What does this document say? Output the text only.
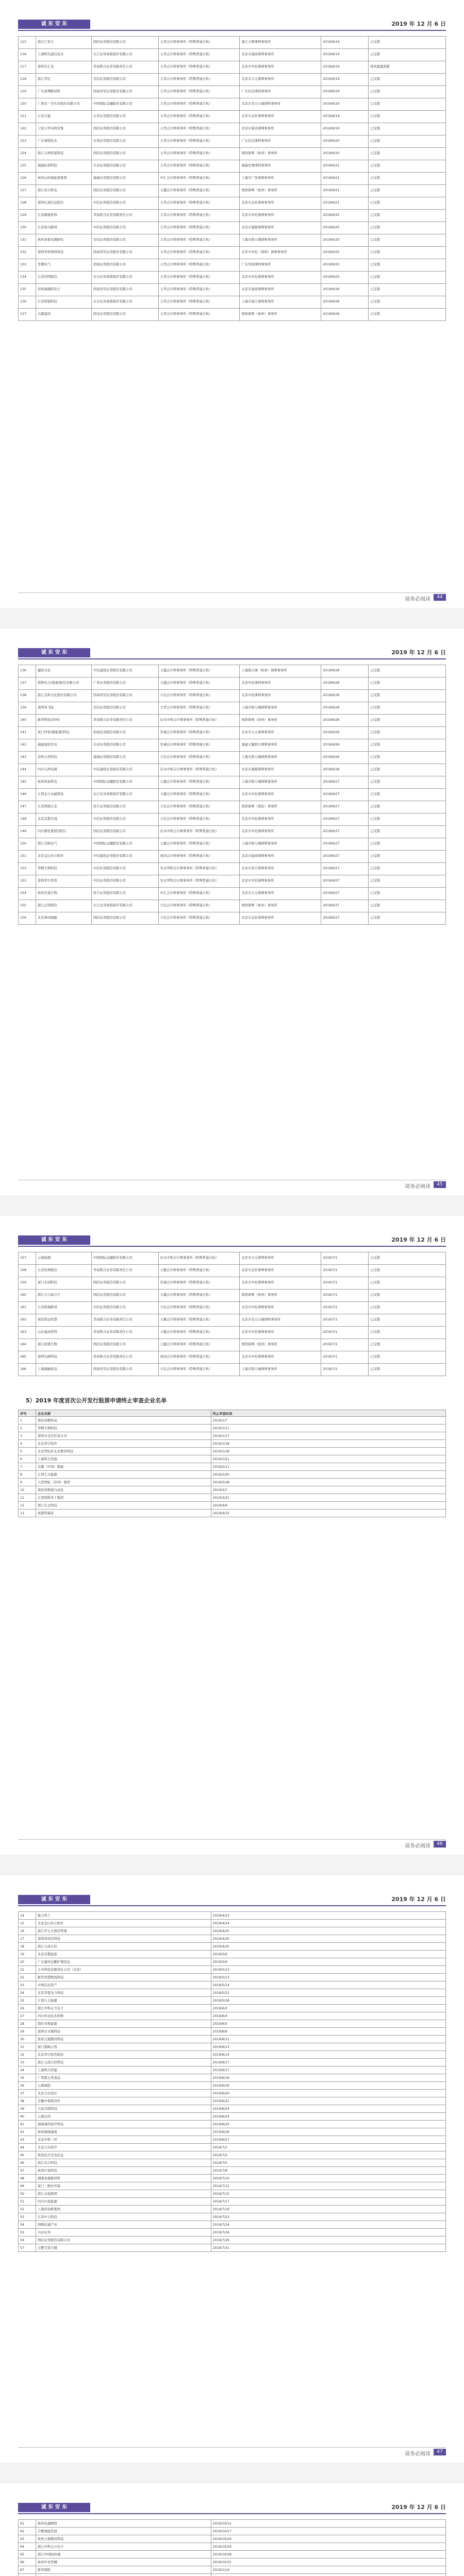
诚 东 安 东	2019 年 12 月 6 日
115	浙江仁智天	国信证券股份有限公司	天华会计师事务所（特殊普通合伙）	浙江天册律师事务所	2019/6/19	已反馈
116	上海明光通信技术	长江证券承销保荐有限公司	天华会计师事务所（特殊普通合伙）	北京市通商律师事务所	2019/6/19	已反馈
117	深圳市汇宝	华泰联合证券有限责任公司	天华会计师事务所（特殊普通合伙）	北京市中伦律师事务所	2019/6/19	预先披露更新
118	浙江华亿	安信证券股份有限公司	天华会计师事务所（特殊普通合伙）	北京市天元律师事务所	2019/6/19	已反馈
119	广东富博新材料	国泰君安证券股份有限公司	天华会计师事务所（特殊普通合伙）	广东信达律师事务所	2019/6/19	已反馈
120	广西北一美实业股份有限公司	中国国际金融股份有限公司	天华会计师事务所（特殊普通合伙）	北京市竞天公诚律师事务所	2019/6/19	已反馈
121	江苏日盈	东吴证券股份有限公司	天华会计师事务所（特殊普通合伙）	北京市金杜律师事务所	2019/6/19	已反馈
122	宁波天华禾收采集	国信证券股份有限公司	天华会计师事务所（特殊普通合伙）	北京市康达律师事务所	2019/6/19	已反馈
123	广东易联技术	东莞证券股份有限公司	天华会计师事务所（特殊普通合伙）	广东信达律师事务所	2019/6/20	已反馈
124	浙江五洲智能科技	国信证券股份有限公司	天华会计师事务所（特殊普通合伙）	国浩律师（杭州）事务所	2019/6/20	已反馈
125	福建标准科技	兴业证券股份有限公司	天华会计师事务所（特殊普通合伙）	福建至理律师事务所	2019/6/21	已反馈
126	杭州山屿海旅游集团	海通证券股份有限公司	中汇会计师事务所（特殊普通合伙）	上海市广发律师事务所	2019/6/21	已反馈
127	浙江兆丰机电	国信证券股份有限公司	天健会计师事务所（特殊普通合伙）	国浩律师（杭州）事务所	2019/6/21	已反馈
128	深圳亿道信息股份	中信证券股份有限公司	天华会计师事务所（特殊普通合伙）	北京市金杜律师事务所	2019/6/21	已反馈
129	江苏新航材料	华泰联合证券有限责任公司	天华会计师事务所（特殊普通合伙）	北京市中伦律师事务所	2019/6/25	已反馈
130	江苏恒兴新材	中信证券股份有限公司	天华会计师事务所（特殊普通合伙）	北京市嘉源律师事务所	2019/6/25	已反馈
131	杭州老板电器厨电	安信证券股份有限公司	天华会计师事务所（特殊普通合伙）	上海市锦天城律师事务所	2019/6/25	已反馈
132	深圳华智网络科技	国泰君安证券股份有限公司	天华会计师事务所（特殊普通合伙）	北京市中伦（深圳）律师事务所	2019/6/25	已反馈
133	华测电气	招商证券股份有限公司	天华会计师事务所（特殊普通合伙）	广东华商律师事务所	2019/6/25	已反馈
134	江苏同明股份	东方证券承销保荐有限公司	天华会计师事务所（特殊普通合伙）	北京市中伦律师事务所	2019/6/25	已反馈
135	苏州海瑞特电子	国泰君安证券股份有限公司	天华会计师事务所（特殊普通合伙）	北京市通商律师事务所	2019/6/26	已反馈
136	江苏特锐科技	东方证券承销保荐有限公司	天华会计师事务所（特殊普通合伙）	上海市通力律师事务所	2019/6/26	已反馈
137	兴源建设	国金证券股份有限公司	天华会计师事务所（特殊普通合伙）	国浩律师（杭州）事务所	2019/6/26	已反馈
请务必阅读	44
诚 东 安 东	2019 年 12 月 6 日
136	捷昌文化	中信建投证券股份有限公司	天健会计师事务所（特殊普通合伙）	上海锦天城（杭州）律师事务所	2019/6/26	已反馈
137	浙锋电力(南通)股份有限公司	广发证券股份有限公司	天健会计师事务所（特殊普通合伙）	北京中伦律师事务所	2019/6/26	已反馈
138	浙江金科文化股份有限公司	国泰君安证券股份有限公司	立信会计师事务所（特殊普通合伙）	北京中伦律师事务所	2019/6/26	已反馈
139	深圳英飞拓	安信证券股份有限公司	大华会计师事务所（特殊普通合伙）	上海市锦天城律师事务所	2019/6/26	已反馈
140	新华科技(苏州)	华泰联合证券有限责任公司	信永中和会计师事务所（特殊普通合伙）	国浩律师（苏州）事务所	2019/6/26	已反馈
141	厦门伊思(新能源)科技	招商证券股份有限公司	容诚会计师事务所（特殊普通合伙）	北京市天元律师事务所	2019/6/26	已反馈
142	福建海创光电	兴业证券股份有限公司	容诚会计师事务所（特殊普通合伙）	福建天衡联合律师事务所	2019/6/26	已反馈
143	苏州天准科技	海通证券股份有限公司	立信会计师事务所（特殊普通合伙）	上海市锦天城律师事务所	2019/6/26	已反馈
144	四川九洲电器	中信建投证券股份有限公司	信永中和会计师事务所（特殊普通合伙）	北京市嘉源律师事务所	2019/6/26	已反馈
145	杭州和泰机电	中国国际金融股份有限公司	天健会计师事务所（特殊普通合伙）	上海市锦天城律师事务所	2019/6/27	已反馈
146	江西金力永磁科技	长江证券承销保荐有限公司	天健会计师事务所（特殊普通合伙）	北京市中伦律师事务所	2019/6/27	已反馈
147	江苏图南合金	民生证券股份有限公司	立信会计师事务所（特殊普通合伙）	国浩律师（南京）事务所	2019/6/27	已反馈
148	北京首都在线	中信证券股份有限公司	立信会计师事务所（特殊普通合伙）	北京市中伦律师事务所	2019/6/27	已反馈
149	四川雅化集团(国信)	国信证券股份有限公司	信永中和会计师事务所（特殊普通合伙）	北京市中伦律师事务所	2019/6/27	已反馈
150	浙江美硕电气	中国国际金融股份有限公司	天健会计师事务所（特殊普通合伙）	上海市锦天城律师事务所	2019/6/27	已反馈
151	北京金山办公软件	中信建投证券股份有限公司	致同会计师事务所（特殊普通合伙）	北京市通商律师事务所	2019/6/27	已反馈
152	华熙生物科技	中信证券股份有限公司	安永华明会计师事务所（特殊普通合伙）	北京市君合律师事务所	2019/6/27	已反馈
153	深圳华大智造	中信证券股份有限公司	安永华明会计师事务所（特殊普通合伙）	北京市中伦律师事务所	2019/6/27	已反馈
154	杭州安旭生物	民生证券股份有限公司	中汇会计师事务所（特殊普通合伙）	北京市天元律师事务所	2019/6/27	已反馈
155	浙江正特股份	长江证券承销保荐有限公司	立信会计师事务所（特殊普通合伙）	国浩律师（杭州）事务所	2019/6/27	已反馈
156	北京神州细胞	国信证券股份有限公司	立信会计师事务所（特殊普通合伙）	北京市金杜律师事务所	2019/6/27	已反馈
请务必阅读	45
诚 东 安 东	2019 年 12 月 6 日
157	云南能源	中国国际金融股份有限公司	信永中和会计师事务所（特殊普通合伙）	北京市天元律师事务所	2019/7/1	已反馈
158	江苏恒神股份	华泰联合证券有限责任公司	天衡会计师事务所（特殊普通合伙）	北京市金杜律师事务所	2019/7/1	已反馈
159	厦门乐创科技	国信证券股份有限公司	容诚会计师事务所（特殊普通合伙）	北京市中伦律师事务所	2019/7/1	已反馈
160	浙江万马高分子	国信证券股份有限公司	天健会计师事务所（特殊普通合伙）	国浩律师（杭州）事务所	2019/7/1	已反馈
161	江苏联瑞新材	中信证券股份有限公司	立信会计师事务所（特殊普通合伙）	北京市中伦律师事务所	2019/7/1	已反馈
162	南京科远智慧	华泰联合证券有限责任公司	天衡会计师事务所（特殊普通合伙）	北京市竞天公诚律师事务所	2019/7/1	已反馈
163	山东威高骨科	华泰联合证券有限责任公司	天健会计师事务所（特殊普通合伙）	北京市中伦律师事务所	2019/7/1	已反馈
164	浙江回盛生物	国信证券股份有限公司	天健会计师事务所（特殊普通合伙）	国浩律师（杭州）事务所	2019/7/1	已反馈
165	深圳光峰科技	华泰联合证券有限责任公司	致同会计师事务所（特殊普通合伙）	北京市中伦律师事务所	2019/7/1	已反馈
166	上海海融食品	国泰君安证券股份有限公司	立信会计师事务所（特殊普通合伙）	上海市锦天城律师事务所	2019/7/1	已反馈
5）2019 年度首次公开发行股票申请终止审查企业名单
序号	企业名称	终止审查时间
1	南京高精传动	2019/1/7
2	华熙生物科技	2019/1/11
3	深圳市宝安区某公司	2019/1/17
4	北京华宇软件	2019/1/18
5	北京世纪好未来教育科技	2019/1/18
6	上海科大智能	2019/1/21
7	安徽（中国）数据	2019/2/11
8	江西九丰能源	2019/2/20
9	天津津虹（苏州）集团	2019/2/28
10	南京埃斯顿自动化	2019/3/7
11	江西国科军工集团	2019/3/21
12	浙江东日科技	2019/4/9
13	成都科瑞奇	2019/4/15
请务必阅读	46
诚 东 安 东	2019 年 12 月 6 日
14	航天科工	2019/4/23
15	北京金山办公软件	2019/4/24
16	浙江开元大酒店管理	2019/4/25
17	深圳英伟信科技	2019/4/25
18	浙江天成自控	2019/4/25
19	北京首都旅游	2019/5/6
20	广东惠州金鹏护理用品	2019/5/9
21	小米科技有限责任公司（北京）	2019/5/13
22	新华智慧物流科技	2019/5/13
23	中国信达资产	2019/5/14
24	北京华夏电力科技	2019/5/22
25	江西九丰能源	2019/5/28
26	浙江中科正方电子	2019/6/3
27	四川环龙技术织物	2019/6/4
28	鄂尔多斯能源	2019/6/5
29	深圳市卓翼科技	2019/6/6
30	杭州天地数码科技	2019/6/11
31	厦门渤海天然	2019/6/13
32	北京华宇软件股份	2019/6/14
33	浙江天成自控科技	2019/6/17
34	上海科大智能	2019/6/17
35	广西黑五类食品	2019/6/18
36	云南城投	2019/6/19
37	北京合众思壮	2019/6/20
38	安徽中鼎密封件	2019/6/21
39	九星互联科技	2019/6/24
40	云南白药	2019/6/24
41	海南海药医疗科技	2019/6/25
42	杭州海康威视	2019/6/26
43	北京中科三环	2019/6/27
44	北京万东医疗	2019/7/1
45	杭州远方光电信息	2019/7/2
46	浙江众合科技	2019/7/5
47	杭州巨星科技	2019/7/8
48	湖南泰嘉新材料	2019/7/10
49	厦门三维丝环保	2019/7/12
50	浙江永强集团	2019/7/15
51	四川川投能源	2019/7/17
52	上海外高桥集团	2019/7/19
53	江苏中天科技	2019/7/23
54	国网信通产业	2019/7/24
55	兴业证券	2019/7/26
56	国信证券股份有限公司	2019/7/26
57	合肥百货大楼	2019/7/31
请务必阅读	47
诚 东 安 东	2019 年 12 月 6 日
61	杭州电魂网络	2019/10/12
62	合肥城建发展	2019/10/17
63	杭州天地数码科技	2019/10/24
64	浙江中科正方电子	2019/10/24
65	浙江中国轻纺城	2019/10/28
66	杭州中亚机械	2019/10/31
67	新华保险	2019/11/4
